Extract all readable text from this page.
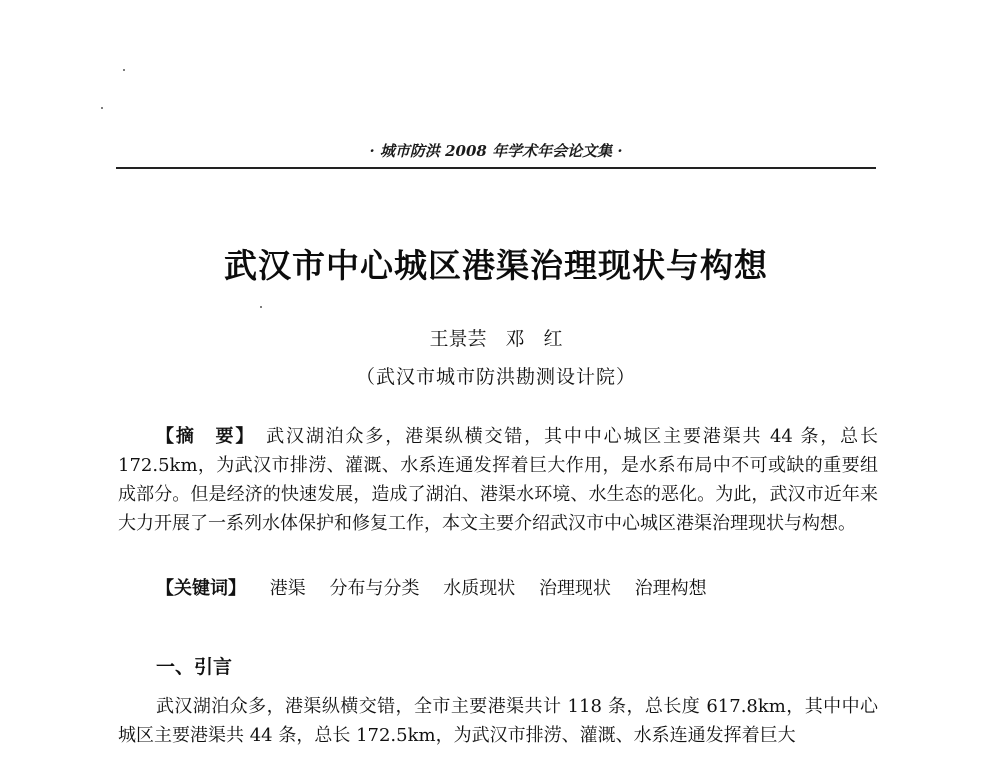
· 城市防洪 2008 年学术年会论文集 ·
武汉市中心城区港渠治理现状与构想
王景芸　邓　红
（武汉市城市防洪勘测设计院）

【摘　要】　 武汉湖泊众多，港渠纵横交错，其中中心城区主要港渠共 44 条，总长 172.5km，为武汉市排涝、灌溉、水系连通发挥着巨大作用，是水系布局中不可或缺的重要组成部分。但是经济的快速发展，造成了湖泊、港渠水环境、水生态的恶化。为此，武汉市近年来大力开展了一系列水体保护和修复工作，本文主要介绍武汉市中心城区港渠治理现状与构想。

【关键词】 港渠 分布与分类 水质现状 治理现状 治理构想
一、引言

武汉湖泊众多，港渠纵横交错，全市主要港渠共计 118 条，总长度 617.8km，其中中心城区主要港渠共 44 条，总长 172.5km，为武汉市排涝、灌溉、水系连通发挥着巨大
